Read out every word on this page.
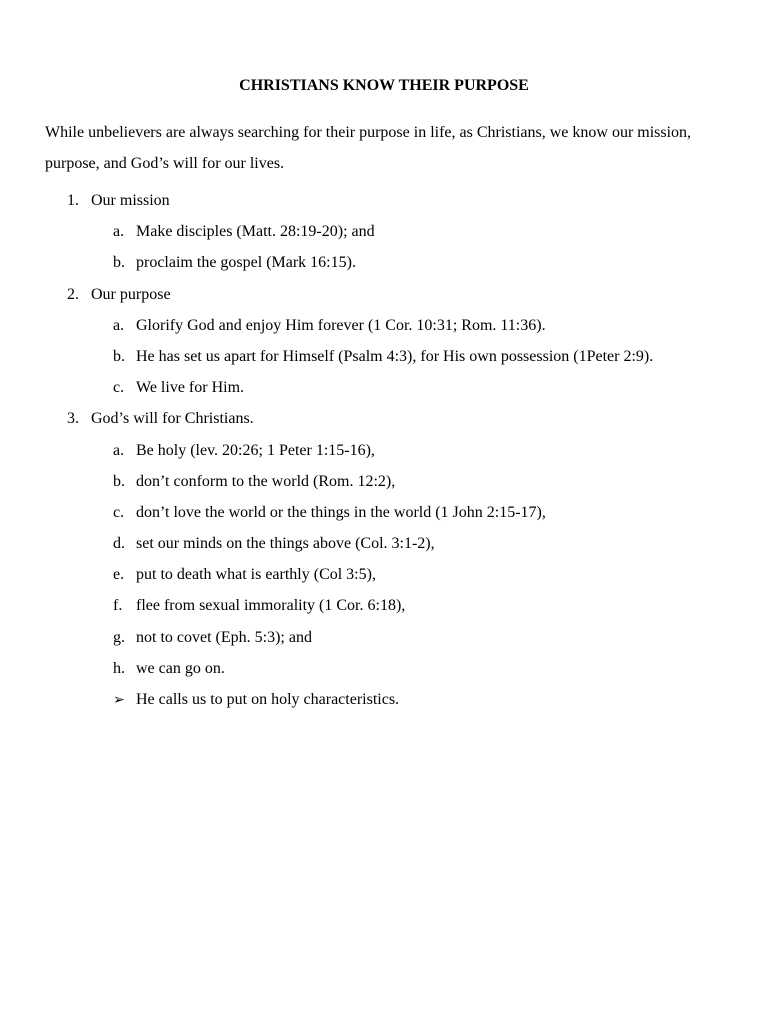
CHRISTIANS KNOW THEIR PURPOSE
While unbelievers are always searching for their purpose in life, as Christians, we know our mission, purpose, and God’s will for our lives.
1. Our mission
a. Make disciples (Matt. 28:19-20); and
b. proclaim the gospel (Mark 16:15).
2. Our purpose
a. Glorify God and enjoy Him forever (1 Cor. 10:31; Rom. 11:36).
b. He has set us apart for Himself (Psalm 4:3), for His own possession (1Peter 2:9).
c. We live for Him.
3. God’s will for Christians.
a. Be holy (lev. 20:26; 1 Peter 1:15-16),
b. don’t conform to the world (Rom. 12:2),
c. don’t love the world or the things in the world (1 John 2:15-17),
d. set our minds on the things above (Col. 3:1-2),
e. put to death what is earthly (Col 3:5),
f. flee from sexual immorality (1 Cor. 6:18),
g. not to covet (Eph. 5:3); and
h. we can go on.
➢ He calls us to put on holy characteristics.
